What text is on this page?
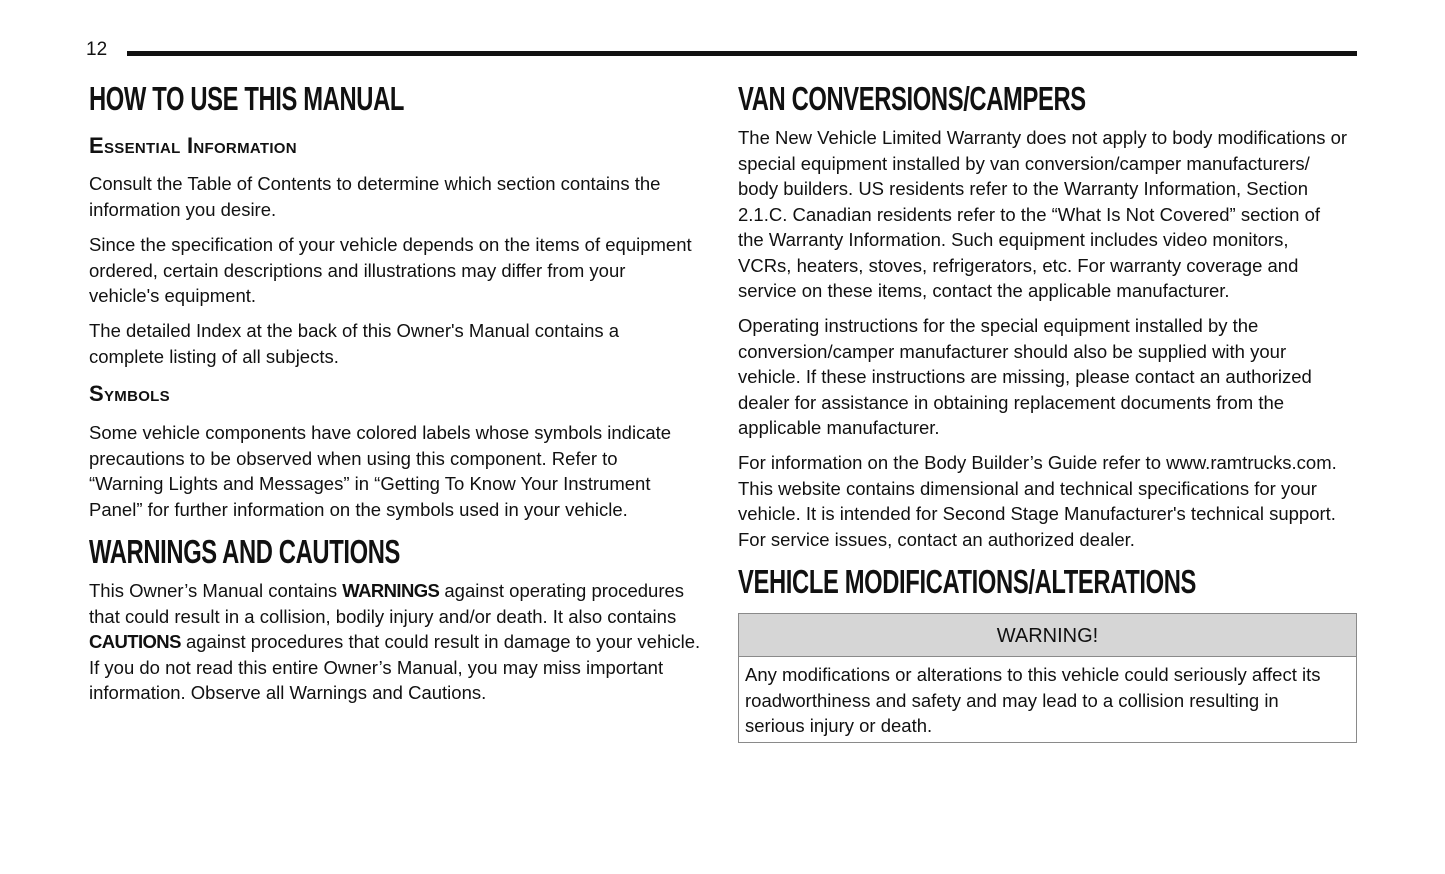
12
HOW TO USE THIS MANUAL
Essential Information
Consult the Table of Contents to determine which section contains the
information you desire.
Since the specification of your vehicle depends on the items of equipment
ordered, certain descriptions and illustrations may differ from your
vehicle's equipment.
The detailed Index at the back of this Owner's Manual contains a
complete listing of all subjects.
Symbols
Some vehicle components have colored labels whose symbols indicate
precautions to be observed when using this component. Refer to
“Warning Lights and Messages” in “Getting To Know Your Instrument
Panel” for further information on the symbols used in your vehicle.
WARNINGS AND CAUTIONS
This Owner’s Manual contains WARNINGS against operating procedures
that could result in a collision, bodily injury and/or death. It also contains
CAUTIONS against procedures that could result in damage to your vehicle.
If you do not read this entire Owner’s Manual, you may miss important
information. Observe all Warnings and Cautions.
VAN CONVERSIONS/CAMPERS
The New Vehicle Limited Warranty does not apply to body modifications or
special equipment installed by van conversion/camper manufacturers/
body builders. US residents refer to the Warranty Information, Section
2.1.C. Canadian residents refer to the “What Is Not Covered” section of
the Warranty Information. Such equipment includes video monitors,
VCRs, heaters, stoves, refrigerators, etc. For warranty coverage and
service on these items, contact the applicable manufacturer.
Operating instructions for the special equipment installed by the
conversion/camper manufacturer should also be supplied with your
vehicle. If these instructions are missing, please contact an authorized
dealer for assistance in obtaining replacement documents from the
applicable manufacturer.
For information on the Body Builder’s Guide refer to www.ramtrucks.com.
This website contains dimensional and technical specifications for your
vehicle. It is intended for Second Stage Manufacturer's technical support.
For service issues, contact an authorized dealer.
VEHICLE MODIFICATIONS/ALTERATIONS
WARNING!
Any modifications or alterations to this vehicle could seriously affect its
roadworthiness and safety and may lead to a collision resulting in
serious injury or death.
